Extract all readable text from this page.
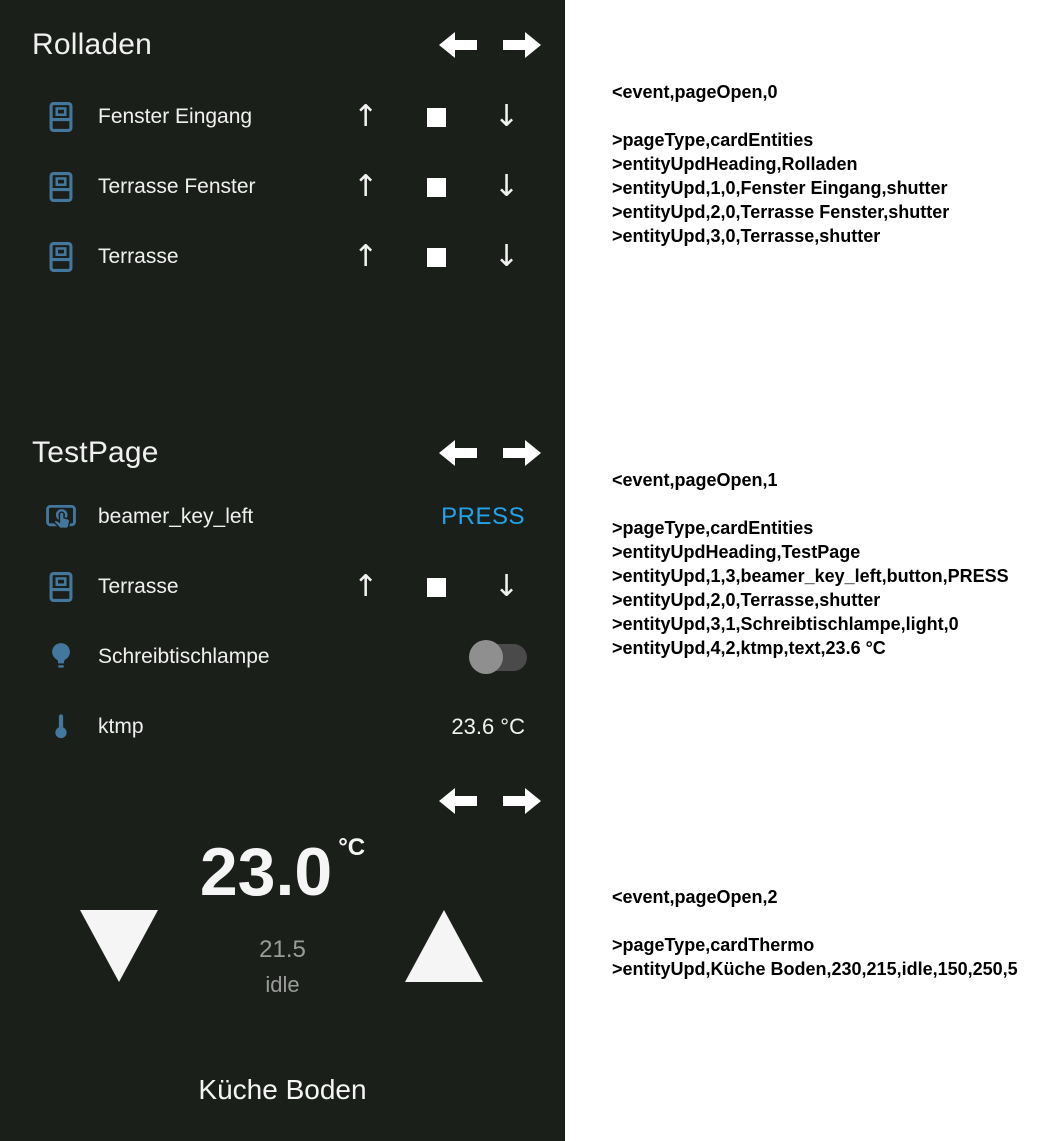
Rolladen
Fenster Eingang	↑	↓
Terrasse Fenster	↑	↓
Terrasse	↑	↓
TestPage
beamer_key_left	PRESS
Terrasse	↑	↓
Schreibtischlampe
ktmp	23.6 °C
23.0 °C
21.5
idle
Küche Boden
<event,pageOpen,0
>pageType,cardEntities
>entityUpdHeading,Rolladen
>entityUpd,1,0,Fenster Eingang,shutter
>entityUpd,2,0,Terrasse Fenster,shutter
>entityUpd,3,0,Terrasse,shutter
<event,pageOpen,1
>pageType,cardEntities
>entityUpdHeading,TestPage
>entityUpd,1,3,beamer_key_left,button,PRESS
>entityUpd,2,0,Terrasse,shutter
>entityUpd,3,1,Schreibtischlampe,light,0
>entityUpd,4,2,ktmp,text,23.6 °C
<event,pageOpen,2
>pageType,cardThermo
>entityUpd,Küche Boden,230,215,idle,150,250,5
